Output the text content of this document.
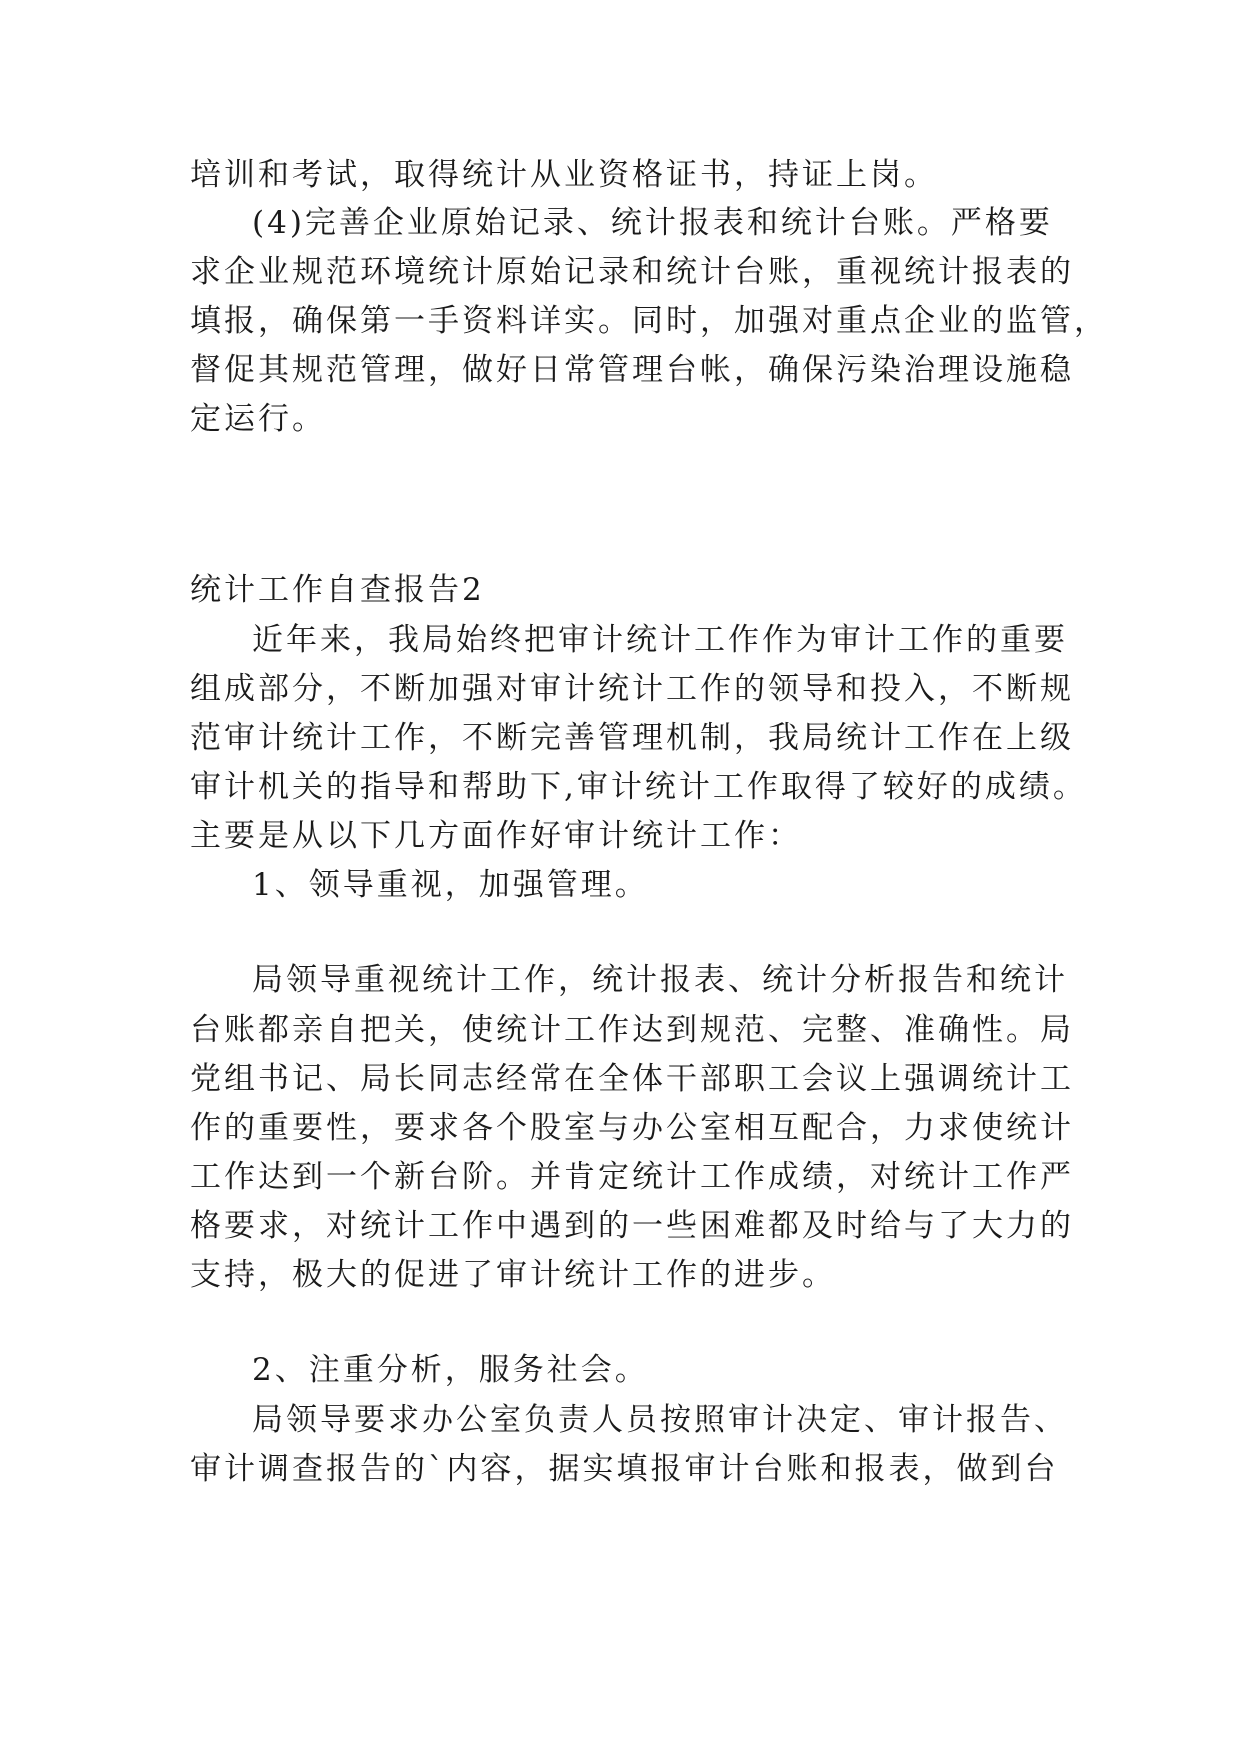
培训和考试，取得统计从业资格证书，持证上岗。
(4)完善企业原始记录、统计报表和统计台账。严格要
求企业规范环境统计原始记录和统计台账，重视统计报表的
填报，确保第一手资料详实。同时，加强对重点企业的监管，
督促其规范管理，做好日常管理台帐，确保污染治理设施稳
定运行。
统计工作自查报告2
近年来，我局始终把审计统计工作作为审计工作的重要
组成部分，不断加强对审计统计工作的领导和投入，不断规
范审计统计工作，不断完善管理机制，我局统计工作在上级
审计机关的指导和帮助下,审计统计工作取得了较好的成绩。
主要是从以下几方面作好审计统计工作：
1、领导重视，加强管理。
局领导重视统计工作，统计报表、统计分析报告和统计
台账都亲自把关，使统计工作达到规范、完整、准确性。局
党组书记、局长同志经常在全体干部职工会议上强调统计工
作的重要性，要求各个股室与办公室相互配合，力求使统计
工作达到一个新台阶。并肯定统计工作成绩，对统计工作严
格要求，对统计工作中遇到的一些困难都及时给与了大力的
支持，极大的促进了审计统计工作的进步。
2、注重分析，服务社会。
局领导要求办公室负责人员按照审计决定、审计报告、
审计调查报告的`内容，据实填报审计台账和报表，做到台
